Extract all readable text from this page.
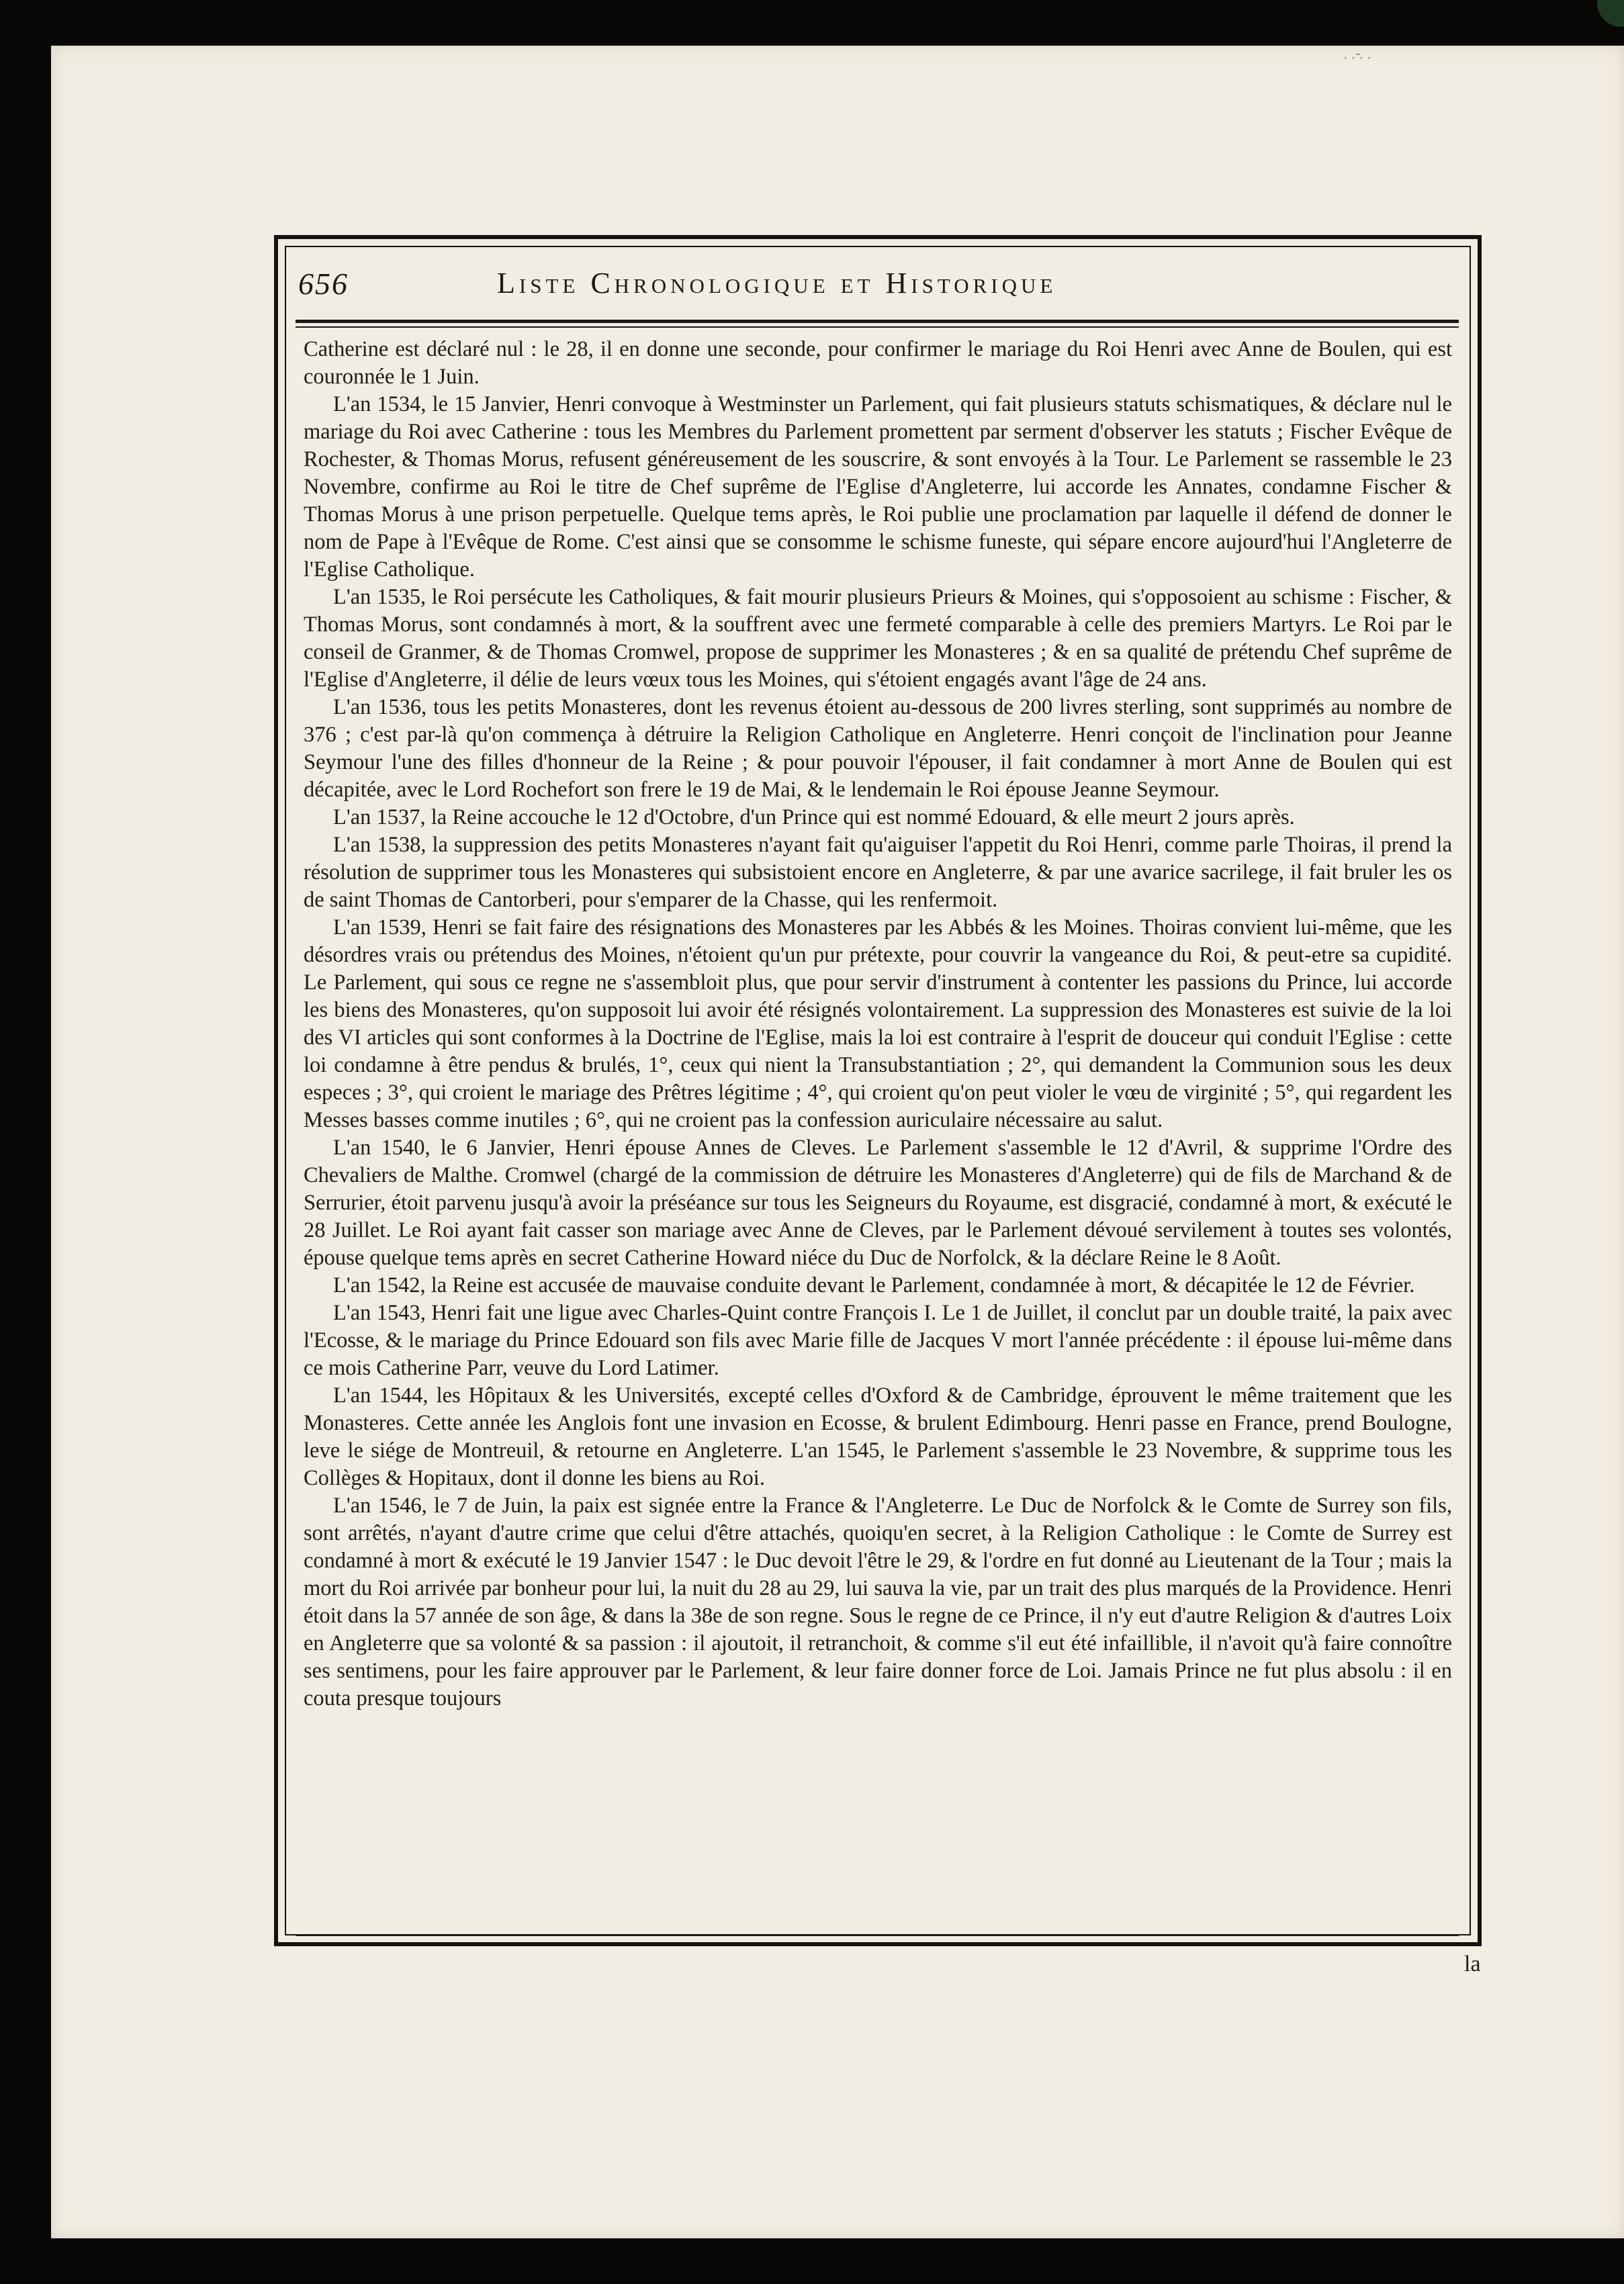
· ·̃ · ·
656	Liste Chronologique et Historique

Catherine est déclaré nul : le 28, il en donne une seconde, pour confirmer le mariage du Roi Henri avec Anne de Boulen, qui est couronnée le 1 Juin.

L'an 1534, le 15 Janvier, Henri convoque à Westminster un Parlement, qui fait plusieurs statuts schismatiques, & déclare nul le mariage du Roi avec Catherine : tous les Membres du Parlement promettent par serment d'observer les statuts ; Fischer Evêque de Rochester, & Thomas Morus, refusent généreusement de les souscrire, & sont envoyés à la Tour. Le Parlement se rassemble le 23 Novembre, confirme au Roi le titre de Chef suprême de l'Eglise d'Angleterre, lui accorde les Annates, condamne Fischer & Thomas Morus à une prison perpetuelle. Quelque tems après, le Roi publie une proclamation par laquelle il défend de donner le nom de Pape à l'Evêque de Rome. C'est ainsi que se consomme le schisme funeste, qui sépare encore aujourd'hui l'Angleterre de l'Eglise Catholique.

L'an 1535, le Roi persécute les Catholiques, & fait mourir plusieurs Prieurs & Moines, qui s'opposoient au schisme : Fischer, & Thomas Morus, sont condamnés à mort, & la souffrent avec une fermeté comparable à celle des premiers Martyrs. Le Roi par le conseil de Granmer, & de Thomas Cromwel, propose de supprimer les Monasteres ; & en sa qualité de prétendu Chef suprême de l'Eglise d'Angleterre, il délie de leurs vœux tous les Moines, qui s'étoient engagés avant l'âge de 24 ans.

L'an 1536, tous les petits Monasteres, dont les revenus étoient au-dessous de 200 livres sterling, sont supprimés au nombre de 376 ; c'est par-là qu'on commença à détruire la Religion Catholique en Angleterre. Henri conçoit de l'inclination pour Jeanne Seymour l'une des filles d'honneur de la Reine ; & pour pouvoir l'épouser, il fait condamner à mort Anne de Boulen qui est décapitée, avec le Lord Rochefort son frere le 19 de Mai, & le lendemain le Roi épouse Jeanne Seymour.

L'an 1537, la Reine accouche le 12 d'Octobre, d'un Prince qui est nommé Edouard, & elle meurt 2 jours après.

L'an 1538, la suppression des petits Monasteres n'ayant fait qu'aiguiser l'appetit du Roi Henri, comme parle Thoiras, il prend la résolution de supprimer tous les Monasteres qui subsistoient encore en Angleterre, & par une avarice sacrilege, il fait bruler les os de saint Thomas de Cantorberi, pour s'emparer de la Chasse, qui les renfermoit.

L'an 1539, Henri se fait faire des résignations des Monasteres par les Abbés & les Moines. Thoiras convient lui-même, que les désordres vrais ou prétendus des Moines, n'étoient qu'un pur prétexte, pour couvrir la vangeance du Roi, & peut-etre sa cupidité. Le Parlement, qui sous ce regne ne s'assembloit plus, que pour servir d'instrument à contenter les passions du Prince, lui accorde les biens des Monasteres, qu'on supposoit lui avoir été résignés volontairement. La suppression des Monasteres est suivie de la loi des VI articles qui sont conformes à la Doctrine de l'Eglise, mais la loi est contraire à l'esprit de douceur qui conduit l'Eglise : cette loi condamne à être pendus & brulés, 1°, ceux qui nient la Transubstantiation ; 2°, qui demandent la Communion sous les deux especes ; 3°, qui croient le mariage des Prêtres légitime ; 4°, qui croient qu'on peut violer le vœu de virginité ; 5°, qui regardent les Messes basses comme inutiles ; 6°, qui ne croient pas la confession auriculaire nécessaire au salut.

L'an 1540, le 6 Janvier, Henri épouse Annes de Cleves. Le Parlement s'assemble le 12 d'Avril, & supprime l'Ordre des Chevaliers de Malthe. Cromwel (chargé de la commission de détruire les Monasteres d'Angleterre) qui de fils de Marchand & de Serrurier, étoit parvenu jusqu'à avoir la préséance sur tous les Seigneurs du Royaume, est disgracié, condamné à mort, & exécuté le 28 Juillet. Le Roi ayant fait casser son mariage avec Anne de Cleves, par le Parlement dévoué servilement à toutes ses volontés, épouse quelque tems après en secret Catherine Howard niéce du Duc de Norfolck, & la déclare Reine le 8 Août.

L'an 1542, la Reine est accusée de mauvaise conduite devant le Parlement, condamnée à mort, & décapitée le 12 de Février.

L'an 1543, Henri fait une ligue avec Charles-Quint contre François I. Le 1 de Juillet, il conclut par un double traité, la paix avec l'Ecosse, & le mariage du Prince Edouard son fils avec Marie fille de Jacques V mort l'année précédente : il épouse lui-même dans ce mois Catherine Parr, veuve du Lord Latimer.

L'an 1544, les Hôpitaux & les Universités, excepté celles d'Oxford & de Cambridge, éprouvent le même traitement que les Monasteres. Cette année les Anglois font une invasion en Ecosse, & brulent Edimbourg. Henri passe en France, prend Boulogne, leve le siége de Montreuil, & retourne en Angleterre. L'an 1545, le Parlement s'assemble le 23 Novembre, & supprime tous les Collèges & Hopitaux, dont il donne les biens au Roi.

L'an 1546, le 7 de Juin, la paix est signée entre la France & l'Angleterre. Le Duc de Norfolck & le Comte de Surrey son fils, sont arrêtés, n'ayant d'autre crime que celui d'être attachés, quoiqu'en secret, à la Religion Catholique : le Comte de Surrey est condamné à mort & exécuté le 19 Janvier 1547 : le Duc devoit l'être le 29, & l'ordre en fut donné au Lieutenant de la Tour ; mais la mort du Roi arrivée par bonheur pour lui, la nuit du 28 au 29, lui sauva la vie, par un trait des plus marqués de la Providence. Henri étoit dans la 57 année de son âge, & dans la 38e de son regne. Sous le regne de ce Prince, il n'y eut d'autre Religion & d'autres Loix en Angleterre que sa volonté & sa passion : il ajoutoit, il retranchoit, & comme s'il eut été infaillible, il n'avoit qu'à faire connoître ses sentimens, pour les faire approuver par le Parlement, & leur faire donner force de Loi. Jamais Prince ne fut plus absolu : il en couta presque toujours

la
